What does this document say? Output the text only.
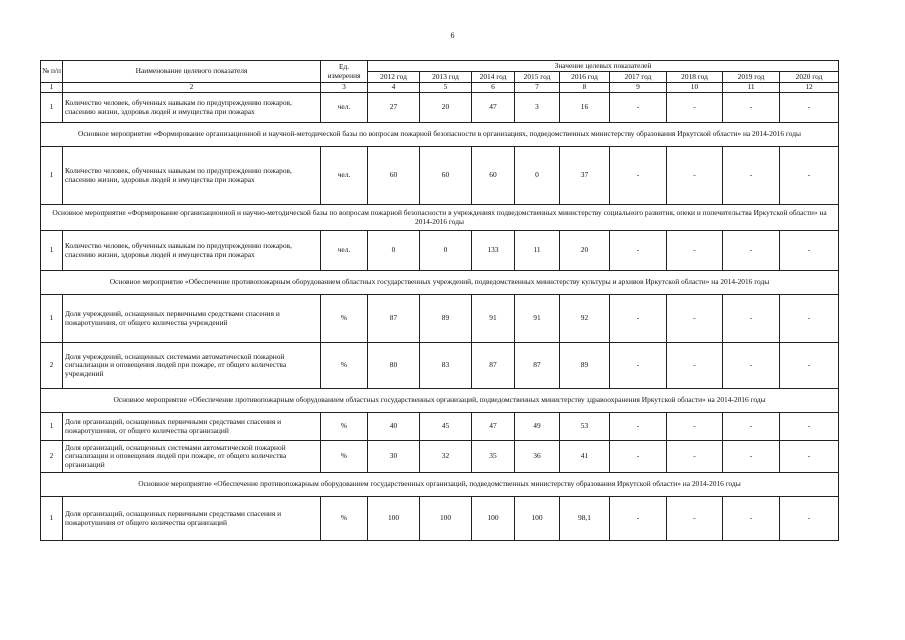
6
№ п/п	Наименование целевого показателя	Ед. измерения	Значение целевых показателей								
			2012 год	2013 год	2014 год	2015 год	2016 год	2017 год	2018 год	2019 год	2020 год
1	2	3	4	5	6	7	8	9	10	11	12
1	Количество человек, обученных навыкам по предупреждению пожаров, спасению жизни, здоровья людей и имущества при пожарах	чел.	27	20	47	3	16	-	-	-	-
Основное мероприятие «Формирование организационной и научной-методической базы по вопросам пожарной безопасности в организациях, подведомственных министерству образования Иркутской области» на 2014-2016 годы											
1	Количество человек, обученных навыкам по предупреждению пожаров, спасению жизни, здоровья людей и имущества при пожарах	чел.	60	60	60	0	37	-	-	-	-
Основное мероприятие «Формирование организационной и научно-методической базы по вопросам пожарной безопасности в учреждениях подведомственных министерству социального развития, опеки и попечительства Иркутской области» на 2014-2016 годы											
1	Количество человек, обученных навыкам по предупреждению пожаров, спасению жизни, здоровья людей и имущества при пожарах	чел.	0	0	133	11	20	-	-	-	-
Основное мероприятие «Обеспечение противопожарным оборудованием областных государственных учреждений, подведомственных министерству культуры и архивов Иркутской области» на 2014-2016 годы											
1	Доля учреждений, оснащенных первичными средствами спасения и пожаротушения, от общего количества учреждений	%	87	89	91	91	92	-	-	-	-
2	Доля учреждений, оснащенных системами автоматической пожарной сигнализации и оповещения людей при пожаре, от общего количества учреждений	%	80	83	87	87	89	-	-	-	-
Основное мероприятие «Обеспечение противопожарным оборудованием областных государственных организаций, подведомственных министерству здравоохранения Иркутской области» на 2014-2016 годы											
1	Доля организаций, оснащенных первичными средствами спасения и пожаротушения, от общего количества организаций	%	40	45	47	49	53	-	-	-	-
2	Доля организаций, оснащенных системами автоматической пожарной сигнализации и оповещения людей при пожаре, от общего количества организаций	%	30	32	35	36	41	-	-	-	-
Основное мероприятие «Обеспечение противопожарным оборудованием государственных организаций, подведомственных министерству образования Иркутской области» на 2014-2016 годы											
1	Доля организаций, оснащенных первичными средствами спасения и пожаротушения от общего количества организаций	%	100	100	100	100	98,1	-	-	-	-
